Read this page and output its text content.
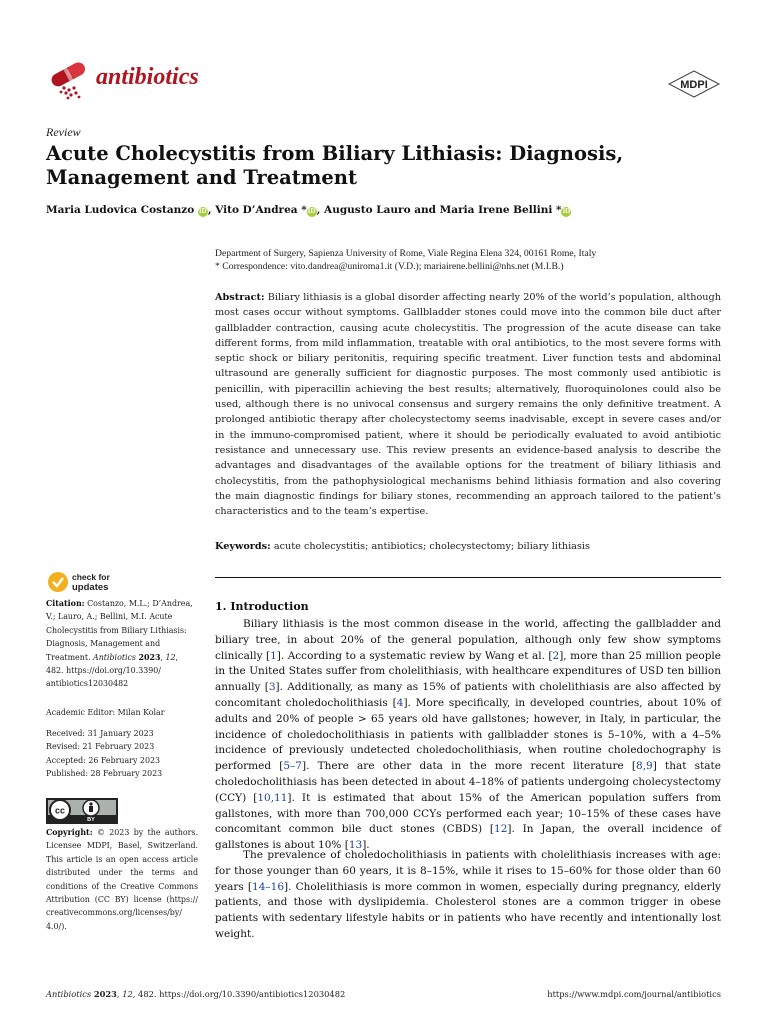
antibiotics	MDPI
Review
Acute Cholecystitis from Biliary Lithiasis: Diagnosis, Management and Treatment
Maria Ludovica Costanzo iD, Vito D’Andrea *iD, Augusto Lauro and Maria Irene Bellini *iD
Department of Surgery, Sapienza University of Rome, Viale Regina Elena 324, 00161 Rome, Italy
* Correspondence: vito.dandrea@uniroma1.it (V.D.); mariairene.bellini@nhs.net (M.I.B.)
Abstract: Biliary lithiasis is a global disorder affecting nearly 20% of the world’s population, although most cases occur without symptoms. Gallbladder stones could move into the common bile duct after gallbladder contraction, causing acute cholecystitis. The progression of the acute disease can take different forms, from mild inflammation, treatable with oral antibiotics, to the most severe forms with septic shock or biliary peritonitis, requiring specific treatment. Liver function tests and abdominal ultrasound are generally sufficient for diagnostic purposes. The most commonly used antibiotic is penicillin, with piperacillin achieving the best results; alternatively, fluoroquinolones could also be used, although there is no univocal consensus and surgery remains the only definitive treatment. A prolonged antibiotic therapy after cholecystectomy seems inadvisable, except in severe cases and/or in the immuno-compromised patient, where it should be periodically evaluated to avoid antibiotic resistance and unnecessary use. This review presents an evidence-based analysis to describe the advantages and disadvantages of the available options for the treatment of biliary lithiasis and cholecystitis, from the pathophysiological mechanisms behind lithiasis formation and also covering the main diagnostic findings for biliary stones, recommending an approach tailored to the patient’s characteristics and to the team’s expertise.
Keywords: acute cholecystitis; antibiotics; cholecystectomy; biliary lithiasis
check for
updates
Citation: Costanzo, M.L.; D’Andrea, V.; Lauro, A.; Bellini, M.I. Acute Cholecystitis from Biliary Lithiasis: Diagnosis, Management and Treatment. Antibiotics 2023, 12, 482. https://doi.org/10.3390/ antibiotics12030482
Academic Editor: Milan Kolar
Received: 31 January 2023
Revised: 21 February 2023
Accepted: 26 February 2023
Published: 28 February 2023
cc
BY
Copyright: © 2023 by the authors. Licensee MDPI, Basel, Switzerland. This article is an open access article distributed under the terms and conditions of the Creative Commons Attribution (CC BY) license (https:// creativecommons.org/licenses/by/ 4.0/).
1. Introduction

Biliary lithiasis is the most common disease in the world, affecting the gallbladder and biliary tree, in about 20% of the general population, although only few show symptoms clinically [1]. According to a systematic review by Wang et al. [2], more than 25 million people in the United States suffer from cholelithiasis, with healthcare expenditures of USD ten billion annually [3]. Additionally, as many as 15% of patients with cholelithiasis are also affected by concomitant choledocholithiasis [4]. More specifically, in developed countries, about 10% of adults and 20% of people > 65 years old have gallstones; however, in Italy, in particular, the incidence of choledocholithiasis in patients with gallbladder stones is 5–10%, with a 4–5% incidence of previously undetected choledocholithiasis, when routine choledochography is performed [5–7]. There are other data in the more recent literature [8,9] that state choledocholithiasis has been detected in about 4–18% of patients undergoing cholecystectomy (CCY) [10,11]. It is estimated that about 15% of the American population suffers from gallstones, with more than 700,000 CCYs performed each year; 10–15% of these cases have concomitant common bile duct stones (CBDS) [12]. In Japan, the overall incidence of gallstones is about 10% [13].

The prevalence of choledocholithiasis in patients with cholelithiasis increases with age: for those younger than 60 years, it is 8–15%, while it rises to 15–60% for those older than 60 years [14–16]. Cholelithiasis is more common in women, especially during pregnancy, elderly patients, and those with dyslipidemia. Cholesterol stones are a common trigger in obese patients with sedentary lifestyle habits or in patients who have recently and intentionally lost weight.

Antibiotics 2023, 12, 482. https://doi.org/10.3390/antibiotics12030482	https://www.mdpi.com/journal/antibiotics
